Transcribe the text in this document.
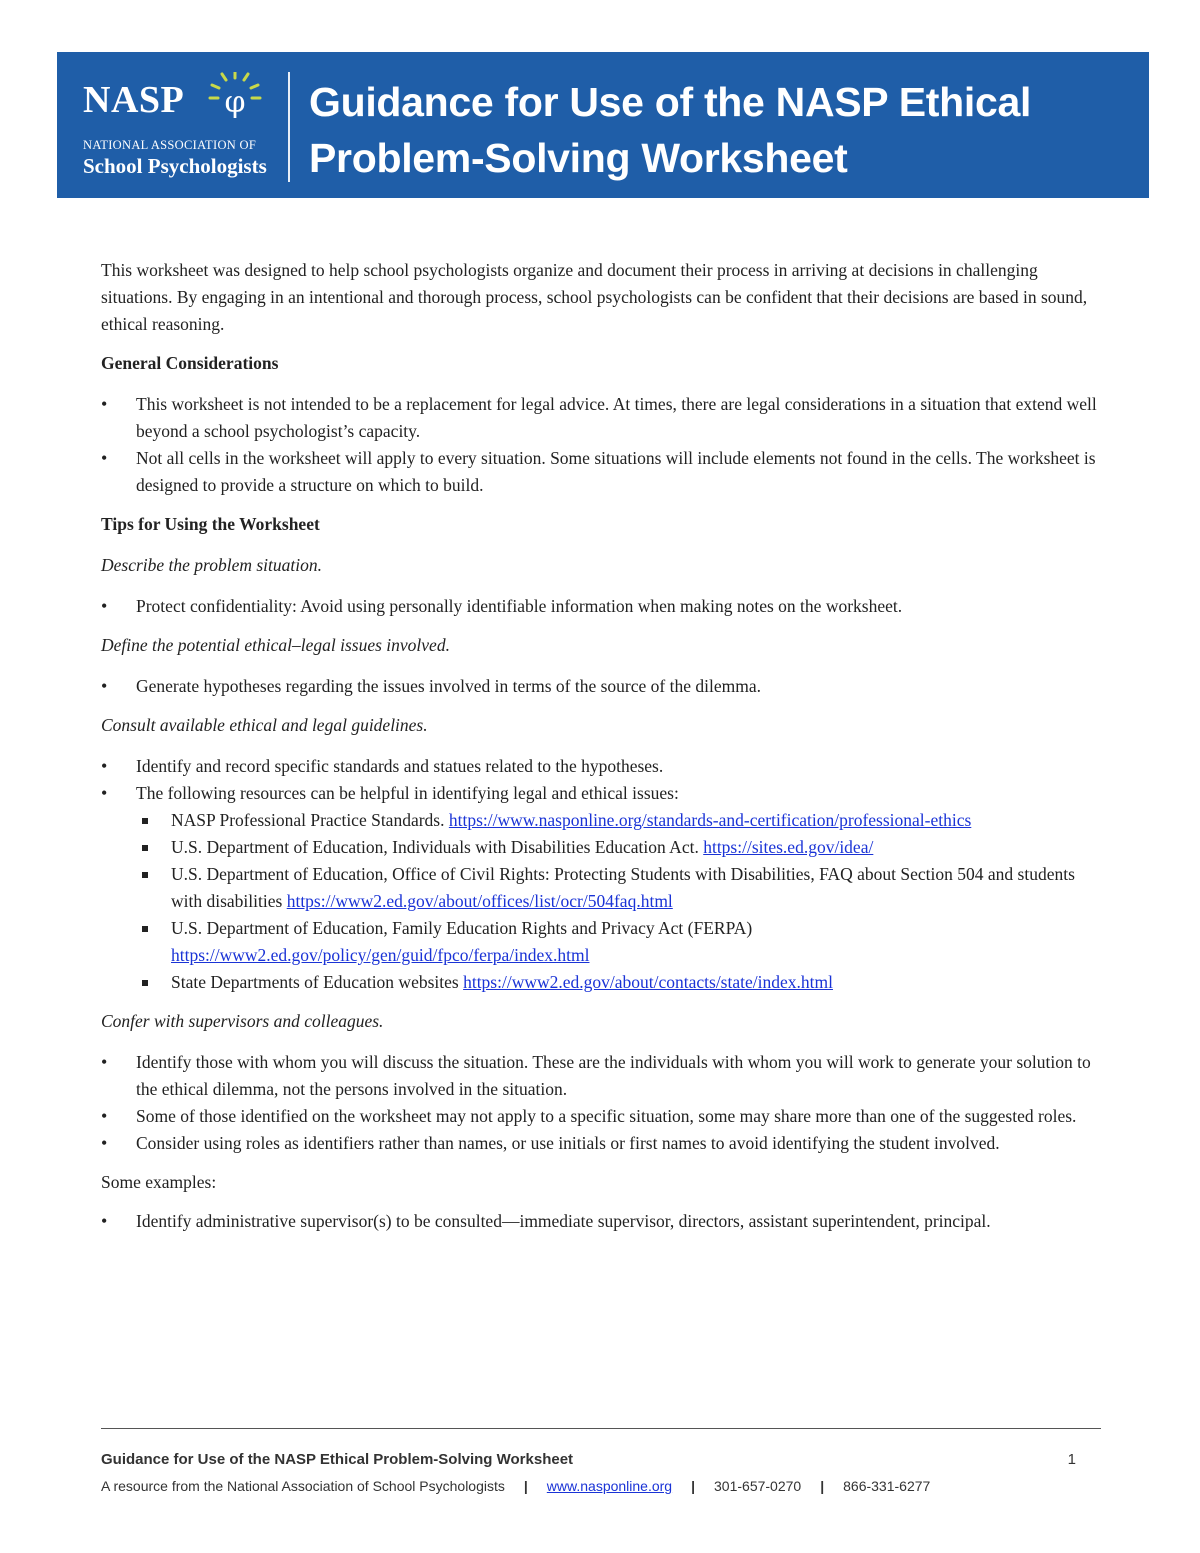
NASP φ
NATIONAL ASSOCIATION OF
School Psychologists
Guidance for Use of the NASP Ethical
Problem-Solving Worksheet

This worksheet was designed to help school psychologists organize and document their process in arriving at decisions in challenging situations. By engaging in an intentional and thorough process, school psychologists can be confident that their decisions are based in sound, ethical reasoning.

General Considerations

•	This worksheet is not intended to be a replacement for legal advice. At times, there are legal considerations in a situation that extend well beyond a school psychologist’s capacity.
•	Not all cells in the worksheet will apply to every situation. Some situations will include elements not found in the cells. The worksheet is designed to provide a structure on which to build.

Tips for Using the Worksheet

Describe the problem situation.

•	Protect confidentiality: Avoid using personally identifiable information when making notes on the worksheet.

Define the potential ethical–legal issues involved.

•	Generate hypotheses regarding the issues involved in terms of the source of the dilemma.

Consult available ethical and legal guidelines.

•	Identify and record specific standards and statues related to the hypotheses.
•	The following resources can be helpful in identifying legal and ethical issues:
NASP Professional Practice Standards. https://www.nasponline.org/standards-and-certification/professional-ethics
U.S. Department of Education, Individuals with Disabilities Education Act. https://sites.ed.gov/idea/
U.S. Department of Education, Office of Civil Rights: Protecting Students with Disabilities, FAQ about Section 504 and students with disabilities https://www2.ed.gov/about/offices/list/ocr/504faq.html
U.S. Department of Education, Family Education Rights and Privacy Act (FERPA) https://www2.ed.gov/policy/gen/guid/fpco/ferpa/index.html
State Departments of Education websites https://www2.ed.gov/about/contacts/state/index.html

Confer with supervisors and colleagues.

•	Identify those with whom you will discuss the situation. These are the individuals with whom you will work to generate your solution to the ethical dilemma, not the persons involved in the situation.
•	Some of those identified on the worksheet may not apply to a specific situation, some may share more than one of the suggested roles.
•	Consider using roles as identifiers rather than names, or use initials or first names to avoid identifying the student involved.

Some examples:

•	Identify administrative supervisor(s) to be consulted—immediate supervisor, directors, assistant superintendent, principal.
Guidance for Use of the NASP Ethical Problem-Solving Worksheet	1
A resource from the National Association of School Psychologists | www.nasponline.org | 301-657-0270 | 866-331-6277
